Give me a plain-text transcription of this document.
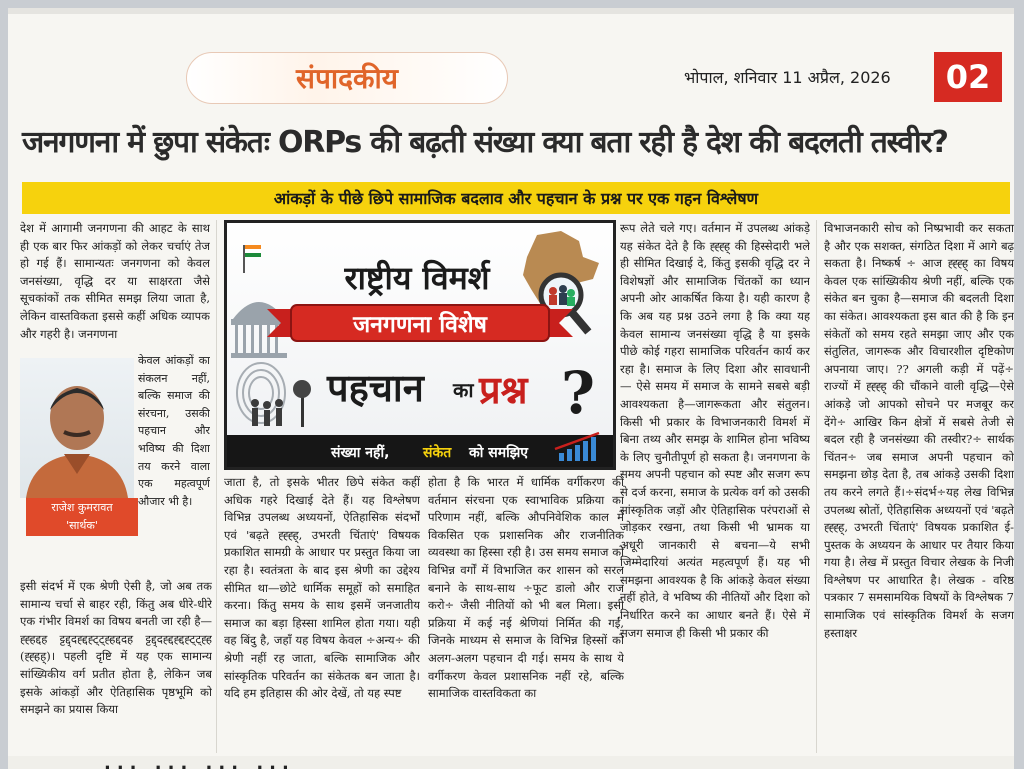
संपादकीय	भोपाल, शनिवार 11 अप्रैल, 2026	02
जनगणना में छुपा संकेतः ORPs की बढ़ती संख्या क्या बता रही है देश की बदलती तस्वीर?
आंकड़ों के पीछे छिपे सामाजिक बदलाव और पहचान के प्रश्न पर एक गहन विश्लेषण
देश में आगामी जनगणना की आहट के साथ ही एक बार फिर आंकड़ों को लेकर चर्चाएं तेज हो गई हैं। सामान्यतः जनगणना को केवल जनसंख्या, वृद्धि दर या साक्षरता जैसे सूचकांकों तक सीमित समझ लिया जाता है, लेकिन वास्तविकता इससे कहीं अधिक व्यापक और गहरी है। जनगणना
राजेश कुमरावत
'सार्थक'
केवल आंकड़ों का संकलन नहीं, बल्कि समाज की संरचना, उसकी पहचान और भविष्य की दिशा तय करने वाला एक महत्वपूर्ण औजार भी है।
इसी संदर्भ में एक श्रेणी ऐसी है, जो अब तक सामान्य चर्चा से बाहर रही, किंतु अब धीरे-धीरे एक गंभीर विमर्श का विषय बनती जा रही है—ह्ह्हद्दह ट्टद्द्दह्द्दह्ट्ट्ह्हद्ददह ट्टद्द्दह्द्दह्द्दह्ट्ट्ह्ह (ह्ह्हह्)। पहली दृष्टि में यह एक सामान्य सांख्यिकीय वर्ग प्रतीत होता है, लेकिन जब इसके आंकड़ों और ऐतिहासिक पृष्ठभूमि को समझने का प्रयास किया
राष्ट्रीय विमर्श
जनगणना विशेष
पहचान का प्रश्न ?
संख्या नहीं, संकेत को समझिए
जाता है, तो इसके भीतर छिपे संकेत कहीं अधिक गहरे दिखाई देते हैं। यह विश्लेषण विभिन्न उपलब्ध अध्ययनों, ऐतिहासिक संदर्भों एवं 'बढ़ते ह्ह्ह्ह्, उभरती चिंताएं' विषयक प्रकाशित सामग्री के आधार पर प्रस्तुत किया जा रहा है। स्वतंत्रता के बाद इस श्रेणी का उद्देश्य सीमित था—छोटे धार्मिक समूहों को समाहित करना। किंतु समय के साथ इसमें जनजातीय समाज का बड़ा हिस्सा शामिल होता गया। यही वह बिंदु है, जहाँ यह विषय केवल ÷अन्य÷ की श्रेणी नहीं रह जाता, बल्कि सामाजिक और सांस्कृतिक परिवर्तन का संकेतक बन जाता है। यदि हम इतिहास की ओर देखें, तो यह स्पष्ट
होता है कि भारत में धार्मिक वर्गीकरण की वर्तमान संरचना एक स्वाभाविक प्रक्रिया का परिणाम नहीं, बल्कि औपनिवेशिक काल में विकसित एक प्रशासनिक और राजनीतिक व्यवस्था का हिस्सा रही है। उस समय समाज को विभिन्न वर्गों में विभाजित कर शासन को सरल बनाने के साथ-साथ ÷फूट डालो और राज करो÷ जैसी नीतियों को भी बल मिला। इसी प्रक्रिया में कई नई श्रेणियां निर्मित की गईं, जिनके माध्यम से समाज के विभिन्न हिस्सों को अलग-अलग पहचान दी गई। समय के साथ ये वर्गीकरण केवल प्रशासनिक नहीं रहे, बल्कि सामाजिक वास्तविकता का
रूप लेते चले गए। वर्तमान में उपलब्ध आंकड़े यह संकेत देते है कि ह्ह्ह्ह् की हिस्सेदारी भले ही सीमित दिखाई दे, किंतु इसकी वृद्धि दर ने विशेषज्ञों और सामाजिक चिंतकों का ध्यान अपनी ओर आकर्षित किया है। यही कारण है कि अब यह प्रश्न उठने लगा है कि क्या यह केवल सामान्य जनसंख्या वृद्धि है या इसके पीछे कोई गहरा सामाजिक परिवर्तन कार्य कर रहा है। समाज के लिए दिशा और सावधानी — ऐसे समय में समाज के सामने सबसे बड़ी आवश्यकता है—जागरूकता और संतुलन। किसी भी प्रकार के विभाजनकारी विमर्श में बिना तथ्य और समझ के शामिल होना भविष्य के लिए चुनौतीपूर्ण हो सकता है। जनगणना के समय अपनी पहचान को स्पष्ट और सजग रूप से दर्ज करना, समाज के प्रत्येक वर्ग को उसकी सांस्कृतिक जड़ों और ऐतिहासिक परंपराओं से जोड़कर रखना, तथा किसी भी भ्रामक या अधूरी जानकारी से बचना—ये सभी जिम्मेदारियां अत्यंत महत्वपूर्ण हैं। यह भी समझना आवश्यक है कि आंकड़े केवल संख्या नहीं होते, वे भविष्य की नीतियों और दिशा को निर्धारित करने का आधार बनते हैं। ऐसे में सजग समाज ही किसी भी प्रकार की
विभाजनकारी सोच को निष्प्रभावी कर सकता है और एक सशक्त, संगठित दिशा में आगे बढ़ सकता है। निष्कर्ष ÷ आज ह्ह्ह्ह् का विषय केवल एक सांख्यिकीय श्रेणी नहीं, बल्कि एक संकेत बन चुका है—समाज की बदलती दिशा का संकेत। आवश्यकता इस बात की है कि इन संकेतों को समय रहते समझा जाए और एक संतुलित, जागरूक और विचारशील दृष्टिकोण अपनाया जाए। ?? अगली कड़ी में पढ़ें÷ राज्यों में ह्ह्ह्ह् की चौंकाने वाली वृद्धि—ऐसे आंकड़े जो आपको सोचने पर मजबूर कर देंगे÷ आखिर किन क्षेत्रों में सबसे तेजी से बदल रही है जनसंख्या की तस्वीर?÷ सार्थक चिंतन÷ जब समाज अपनी पहचान को समझना छोड़ देता है, तब आंकड़े उसकी दिशा तय करने लगते हैं।÷संदर्भ÷यह लेख विभिन्न उपलब्ध स्रोतों, ऐतिहासिक अध्ययनों एवं 'बढ़ते ह्ह्ह्ह्, उभरती चिंताएं' विषयक प्रकाशित ई-पुस्तक के अध्ययन के आधार पर तैयार किया गया है। लेख में प्रस्तुत विचार लेखक के निजी विश्लेषण पर आधारित है। लेखक - वरिष्ठ पत्रकार 7 समसामयिक विषयों के विश्लेषक 7 सामाजिक एवं सांस्कृतिक विमर्श के सजग हस्ताक्षर
... ... ... ...
